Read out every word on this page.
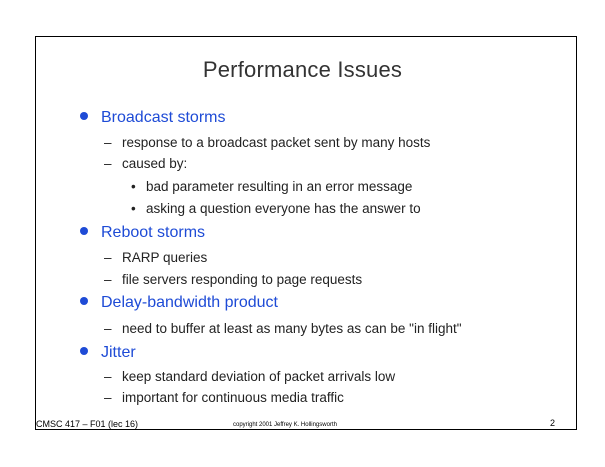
Performance Issues
Broadcast storms
– response to a broadcast packet sent by many hosts
– caused by:
• bad parameter resulting in an error message
• asking a question everyone has the answer to
Reboot storms
– RARP queries
– file servers responding to page requests
Delay-bandwidth product
– need to buffer at least as many bytes as can be "in flight"
Jitter
– keep standard deviation of packet arrivals low
– important for continuous media traffic
CMSC 417 – F01 (lec 16)	copyright 2001 Jeffrey K. Hollingsworth	2
